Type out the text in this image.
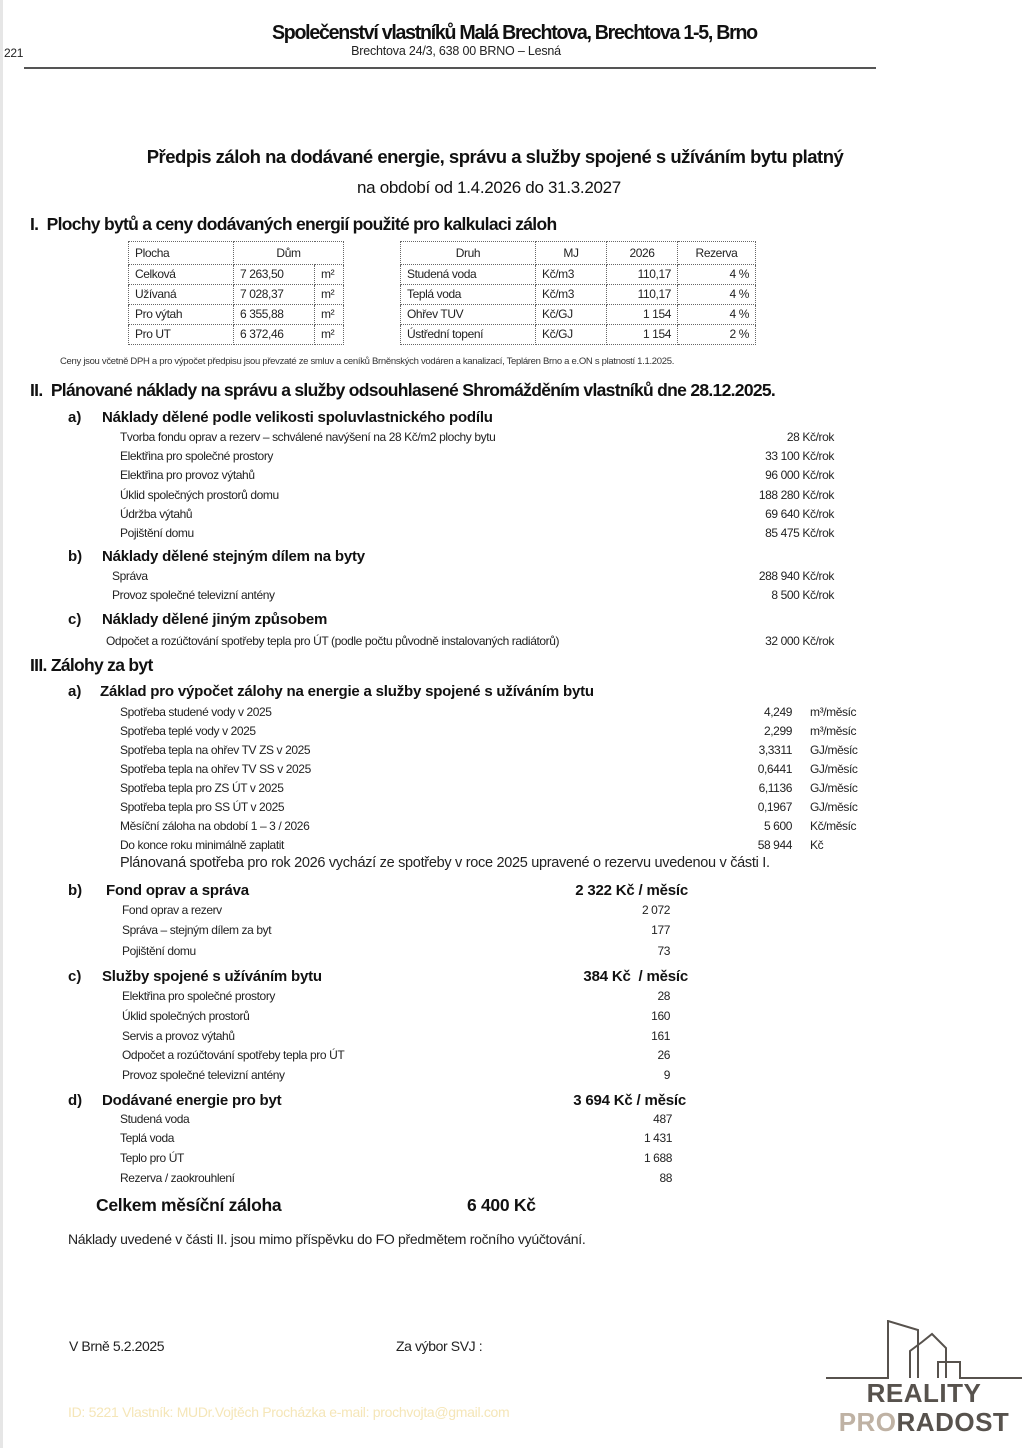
221
Společenství vlastníků Malá Brechtova, Brechtova 1-5, Brno
Brechtova 24/3, 638 00 BRNO – Lesná
Předpis záloh na dodávané energie, správu a služby spojené s užíváním bytu platný
na období od 1.4.2026 do 31.3.2027
I. Plochy bytů a ceny dodávaných energií použité pro kalkulaci záloh
Plocha	Dům	
Celková	7 263,50	m²
Užívaná	7 028,37	m²
Pro výtah	6 355,88	m²
Pro UT	6 372,46	m²
Druh	MJ	2026	Rezerva
Studená voda	Kč/m3	110,17	4 %
Teplá voda	Kč/m3	110,17	4 %
Ohřev TUV	Kč/GJ	1 154	4 %
Ústřední topení	Kč/GJ	1 154	2 %
Ceny jsou včetně DPH a pro výpočet předpisu jsou převzaté ze smluv a ceníků Brněnských vodáren a kanalizací, Tepláren Brno a e.ON s platností 1.1.2025.
II. Plánované náklady na správu a služby odsouhlasené Shromážděním vlastníků dne 28.12.2025.
a) Náklady dělené podle velikosti spoluvlastnického podílu
Tvorba fondu oprav a rezerv – schválené navýšení na 28 Kč/m2 plochy bytu	28 Kč/rok
Elektřina pro společné prostory	33 100 Kč/rok
Elektřina pro provoz výtahů	96 000 Kč/rok
Úklid společných prostorů domu	188 280 Kč/rok
Údržba výtahů	69 640 Kč/rok
Pojištění domu	85 475 Kč/rok
b) Náklady dělené stejným dílem na byty
Správa	288 940 Kč/rok
Provoz společné televizní antény	8 500 Kč/rok
c) Náklady dělené jiným způsobem
Odpočet a rozúčtování spotřeby tepla pro ÚT (podle počtu původně instalovaných radiátorů)	32 000 Kč/rok
III. Zálohy za byt
a) Základ pro výpočet zálohy na energie a služby spojené s užíváním bytu
Spotřeba studené vody v 2025	4,249 m³/měsíc
Spotřeba teplé vody v 2025	2,299 m³/měsíc
Spotřeba tepla na ohřev TV ZS v 2025	3,3311 GJ/měsíc
Spotřeba tepla na ohřev TV SS v 2025	0,6441 GJ/měsíc
Spotřeba tepla pro ZS ÚT v 2025	6,1136 GJ/měsíc
Spotřeba tepla pro SS ÚT v 2025	0,1967 GJ/měsíc
Měsíční záloha na období 1 – 3 / 2026	5 600 Kč/měsíc
Do konce roku minimálně zaplatit	58 944 Kč
Plánovaná spotřeba pro rok 2026 vychází ze spotřeby v roce 2025 upravené o rezervu uvedenou v části I.
b) Fond oprav a správa	2 322 Kč / měsíc
Fond oprav a rezerv	2 072
Správa – stejným dílem za byt	177
Pojištění domu	73
c) Služby spojené s užíváním bytu	384 Kč  / měsíc
Elektřina pro společné prostory	28
Úklid společných prostorů	160
Servis a provoz výtahů	161
Odpočet a rozúčtování spotřeby tepla pro ÚT	26
Provoz společné televizní antény	9
d) Dodávané energie pro byt	3 694 Kč / měsíc
Studená voda	487
Teplá voda	1 431
Teplo pro ÚT	1 688
Rezerva / zaokrouhlení	88
Celkem měsíční záloha	6 400 Kč
Náklady uvedené v části II. jsou mimo příspěvku do FO předmětem ročního vyúčtování.
V Brně 5.2.2025	Za výbor SVJ :
ID: 5221 Vlastník: MUDr.Vojtěch Procházka e-mail: prochvojta@gmail.com
REALITY
PRORADOST
